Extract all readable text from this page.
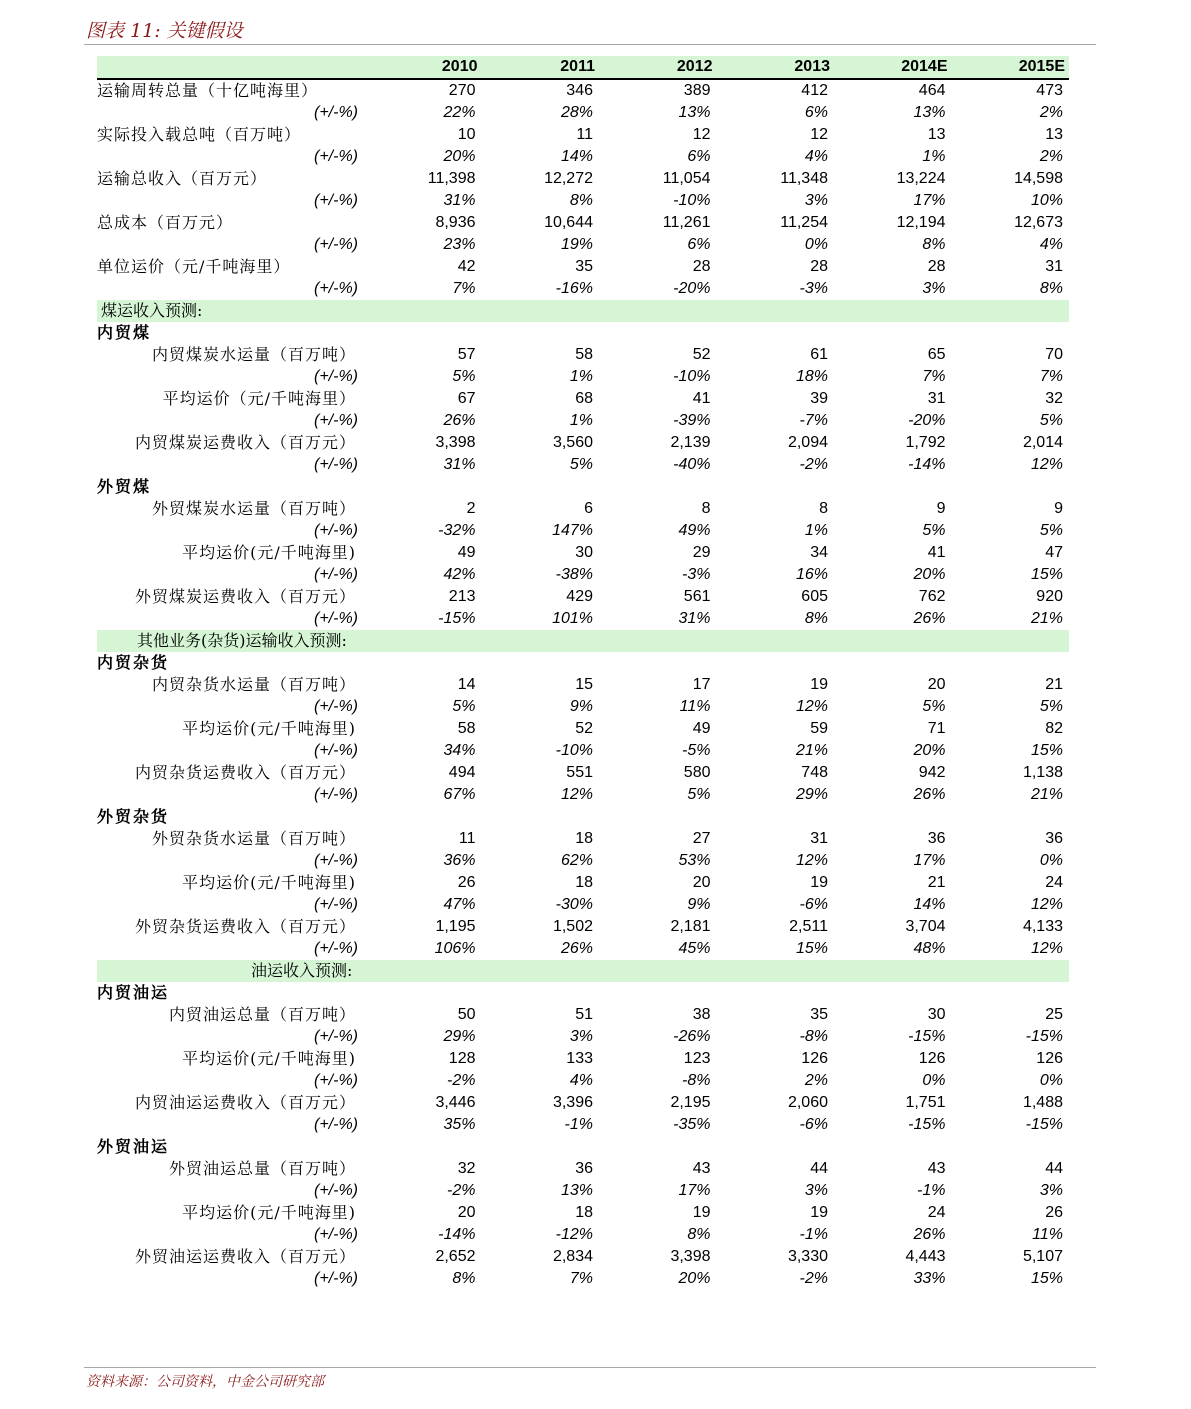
图表 11: 关键假设
	2010	2011	2012	2013	2014E	2015E
运输周转总量（十亿吨海里）	270	346	389	412	464	473
(+/-%)	22%	28%	13%	6%	13%	2%
实际投入载总吨（百万吨）	10	11	12	12	13	13
(+/-%)	20%	14%	6%	4%	1%	2%
运输总收入（百万元）	11,398	12,272	11,054	11,348	13,224	14,598
(+/-%)	31%	8%	-10%	3%	17%	10%
总成本（百万元）	8,936	10,644	11,261	11,254	12,194	12,673
(+/-%)	23%	19%	6%	0%	8%	4%
单位运价（元/千吨海里）	42	35	28	28	28	31
(+/-%)	7%	-16%	-20%	-3%	3%	8%
煤运收入预测:						
内贸煤						
内贸煤炭水运量（百万吨）	57	58	52	61	65	70
(+/-%)	5%	1%	-10%	18%	7%	7%
平均运价（元/千吨海里）	67	68	41	39	31	32
(+/-%)	26%	1%	-39%	-7%	-20%	5%
内贸煤炭运费收入（百万元）	3,398	3,560	2,139	2,094	1,792	2,014
(+/-%)	31%	5%	-40%	-2%	-14%	12%
外贸煤						
外贸煤炭水运量（百万吨）	2	6	8	8	9	9
(+/-%)	-32%	147%	49%	1%	5%	5%
平均运价(元/千吨海里)	49	30	29	34	41	47
(+/-%)	42%	-38%	-3%	16%	20%	15%
外贸煤炭运费收入（百万元）	213	429	561	605	762	920
(+/-%)	-15%	101%	31%	8%	26%	21%
其他业务(杂货)运输收入预测:						
内贸杂货						
内贸杂货水运量（百万吨）	14	15	17	19	20	21
(+/-%)	5%	9%	11%	12%	5%	5%
平均运价(元/千吨海里)	58	52	49	59	71	82
(+/-%)	34%	-10%	-5%	21%	20%	15%
内贸杂货运费收入（百万元）	494	551	580	748	942	1,138
(+/-%)	67%	12%	5%	29%	26%	21%
外贸杂货						
外贸杂货水运量（百万吨）	11	18	27	31	36	36
(+/-%)	36%	62%	53%	12%	17%	0%
平均运价(元/千吨海里)	26	18	20	19	21	24
(+/-%)	47%	-30%	9%	-6%	14%	12%
外贸杂货运费收入（百万元）	1,195	1,502	2,181	2,511	3,704	4,133
(+/-%)	106%	26%	45%	15%	48%	12%
油运收入预测:						
内贸油运						
内贸油运总量（百万吨）	50	51	38	35	30	25
(+/-%)	29%	3%	-26%	-8%	-15%	-15%
平均运价(元/千吨海里)	128	133	123	126	126	126
(+/-%)	-2%	4%	-8%	2%	0%	0%
内贸油运运费收入（百万元）	3,446	3,396	2,195	2,060	1,751	1,488
(+/-%)	35%	-1%	-35%	-6%	-15%	-15%
外贸油运						
外贸油运总量（百万吨）	32	36	43	44	43	44
(+/-%)	-2%	13%	17%	3%	-1%	3%
平均运价(元/千吨海里)	20	18	19	19	24	26
(+/-%)	-14%	-12%	8%	-1%	26%	11%
外贸油运运费收入（百万元）	2,652	2,834	3,398	3,330	4,443	5,107
(+/-%)	8%	7%	20%	-2%	33%	15%
资料来源：公司资料，中金公司研究部
